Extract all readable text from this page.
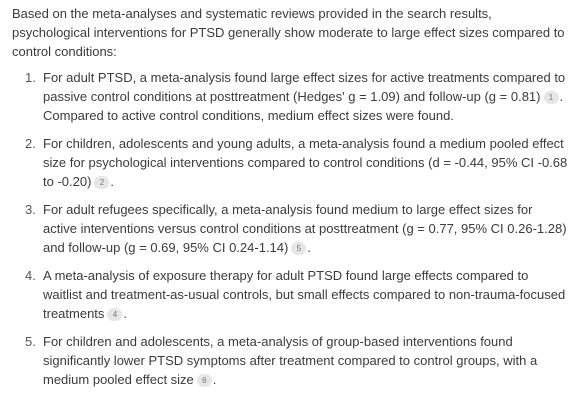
Based on the meta-analyses and systematic reviews provided in the search results, psychological interventions for PTSD generally show moderate to large effect sizes compared to control conditions:

1. For adult PTSD, a meta-analysis found large effect sizes for active treatments compared to passive control conditions at posttreatment (Hedges' g = 1.09) and follow-up (g = 0.81) 1 . Compared to active control conditions, medium effect sizes were found.
2. For children, adolescents and young adults, a meta-analysis found a medium pooled effect size for psychological interventions compared to control conditions (d = -0.44, 95% CI -0.68 to -0.20) 2 .
3. For adult refugees specifically, a meta-analysis found medium to large effect sizes for active interventions versus control conditions at posttreatment (g = 0.77, 95% CI 0.26-1.28) and follow-up (g = 0.69, 95% CI 0.24-1.14) 5 .
4. A meta-analysis of exposure therapy for adult PTSD found large effects compared to waitlist and treatment-as-usual controls, but small effects compared to non-trauma-focused treatments 4 .
5. For children and adolescents, a meta-analysis of group-based interventions found significantly lower PTSD symptoms after treatment compared to control groups, with a medium pooled effect size 6 .
